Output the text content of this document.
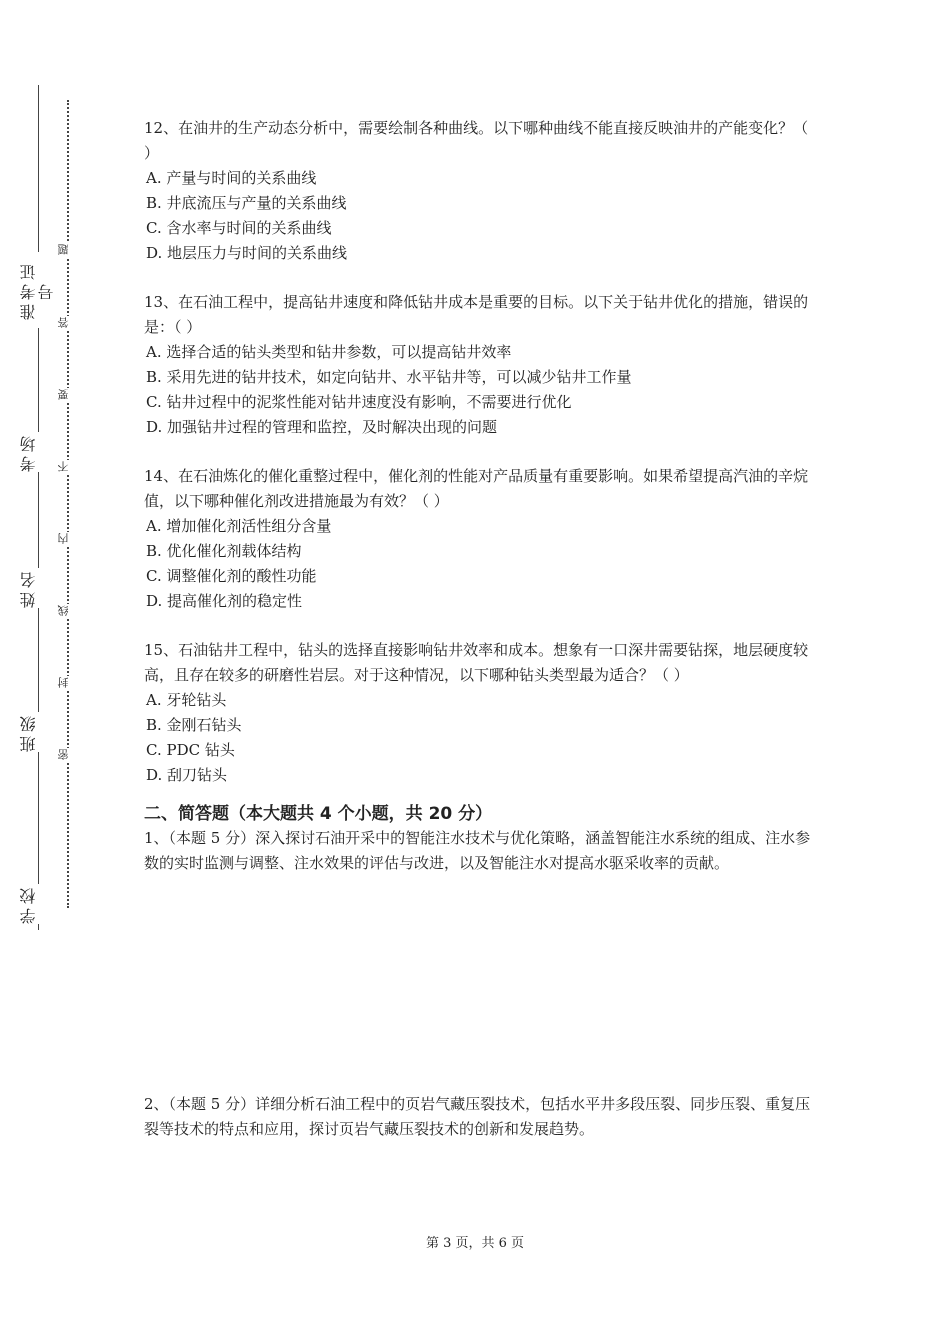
准考证号
考场
姓名
班级
学校
题
答
要
不
内
线
封
密

12、在油井的生产动态分析中，需要绘制各种曲线。以下哪种曲线不能直接反映油井的产能变化？（ ）

A. 产量与时间的关系曲线
B. 井底流压与产量的关系曲线
C. 含水率与时间的关系曲线
D. 地层压力与时间的关系曲线

13、在石油工程中，提高钻井速度和降低钻井成本是重要的目标。以下关于钻井优化的措施，错误的是：（ ）

A. 选择合适的钻头类型和钻井参数，可以提高钻井效率
B. 采用先进的钻井技术，如定向钻井、水平钻井等，可以减少钻井工作量
C. 钻井过程中的泥浆性能对钻井速度没有影响，不需要进行优化
D. 加强钻井过程的管理和监控，及时解决出现的问题

14、在石油炼化的催化重整过程中，催化剂的性能对产品质量有重要影响。如果希望提高汽油的辛烷值，以下哪种催化剂改进措施最为有效？（ ）

A. 增加催化剂活性组分含量
B. 优化催化剂载体结构
C. 调整催化剂的酸性功能
D. 提高催化剂的稳定性

15、石油钻井工程中，钻头的选择直接影响钻井效率和成本。想象有一口深井需要钻探，地层硬度较高，且存在较多的研磨性岩层。对于这种情况，以下哪种钻头类型最为适合？（ ）

A. 牙轮钻头
B. 金刚石钻头
C. PDC 钻头
D. 刮刀钻头
二、简答题（本大题共 4 个小题，共 20 分）

1、（本题 5 分）深入探讨石油开采中的智能注水技术与优化策略，涵盖智能注水系统的组成、注水参数的实时监测与调整、注水效果的评估与改进，以及智能注水对提高水驱采收率的贡献。

2、（本题 5 分）详细分析石油工程中的页岩气藏压裂技术，包括水平井多段压裂、同步压裂、重复压裂等技术的特点和应用，探讨页岩气藏压裂技术的创新和发展趋势。

第 3 页，共 6 页
